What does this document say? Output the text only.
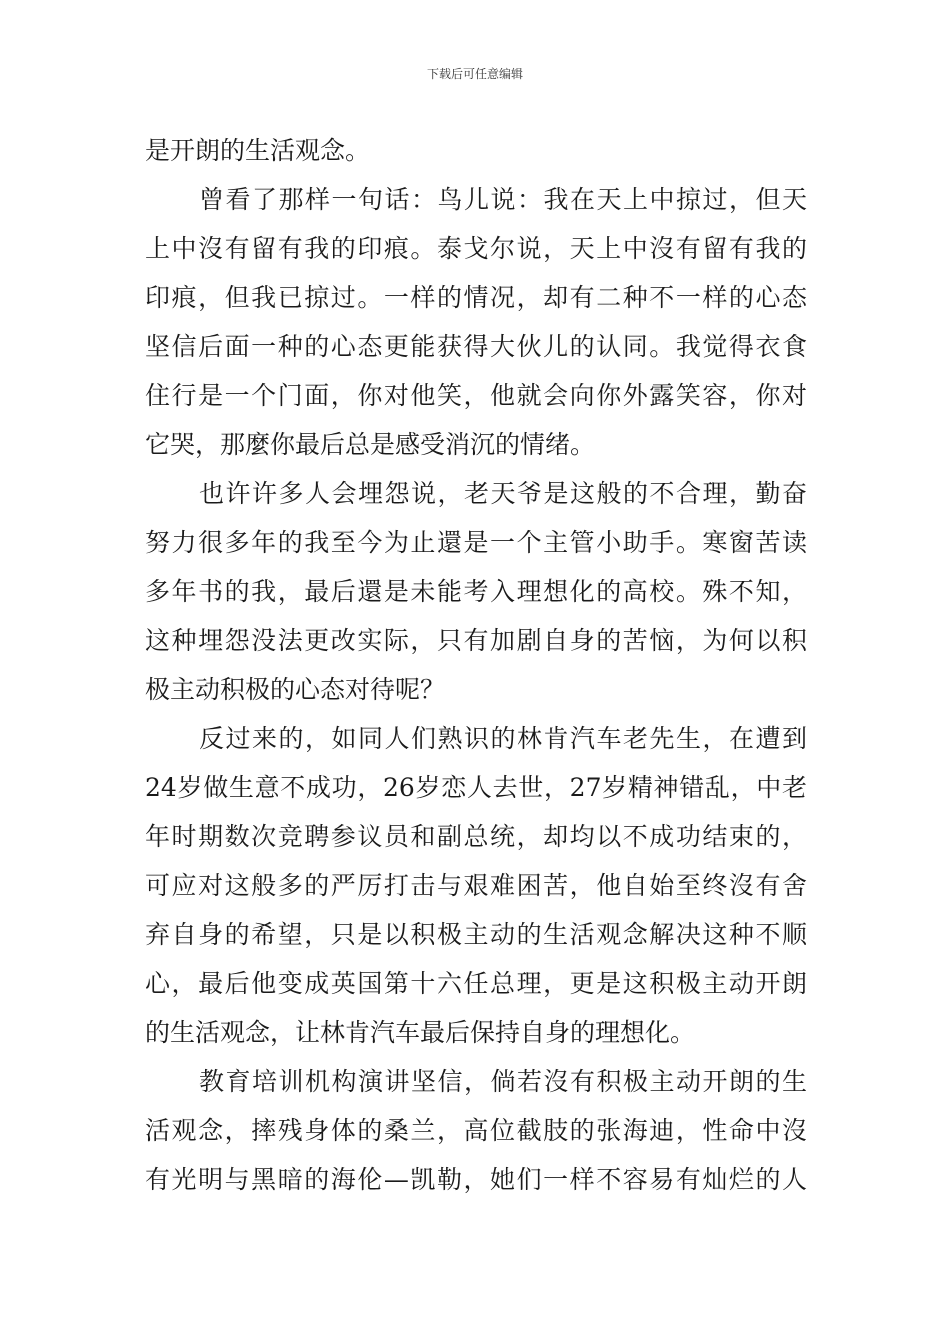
下载后可任意编辑
是开朗的生活观念。
曾看了那样一句话：鸟儿说：我在天上中掠过，但天
上中沒有留有我的印痕。泰戈尔说，天上中沒有留有我的
印痕，但我已掠过。一样的情况，却有二种不一样的心态
坚信后面一种的心态更能获得大伙儿的认同。我觉得衣食
住行是一个门面，你对他笑，他就会向你外露笑容，你对
它哭，那麼你最后总是感受消沉的情绪。
也许许多人会埋怨说，老天爷是这般的不合理，勤奋
努力很多年的我至今为止還是一个主管小助手。寒窗苦读
多年书的我，最后還是未能考入理想化的高校。殊不知，
这种埋怨没法更改实际，只有加剧自身的苦恼，为何以积
极主动积极的心态对待呢？
反过来的，如同人们熟识的林肯汽车老先生，在遭到
24岁做生意不成功，26岁恋人去世，27岁精神错乱，中老
年时期数次竞聘参议员和副总统，却均以不成功结束的，
可应对这般多的严厉打击与艰难困苦，他自始至终沒有舍
弃自身的希望，只是以积极主动的生活观念解决这种不顺
心，最后他变成英国第十六任总理，更是这积极主动开朗
的生活观念，让林肯汽车最后保持自身的理想化。
教育培训机构演讲坚信，倘若沒有积极主动开朗的生
活观念，摔残身体的桑兰，高位截肢的张海迪，性命中沒
有光明与黑暗的海伦—凯勒，她们一样不容易有灿烂的人
